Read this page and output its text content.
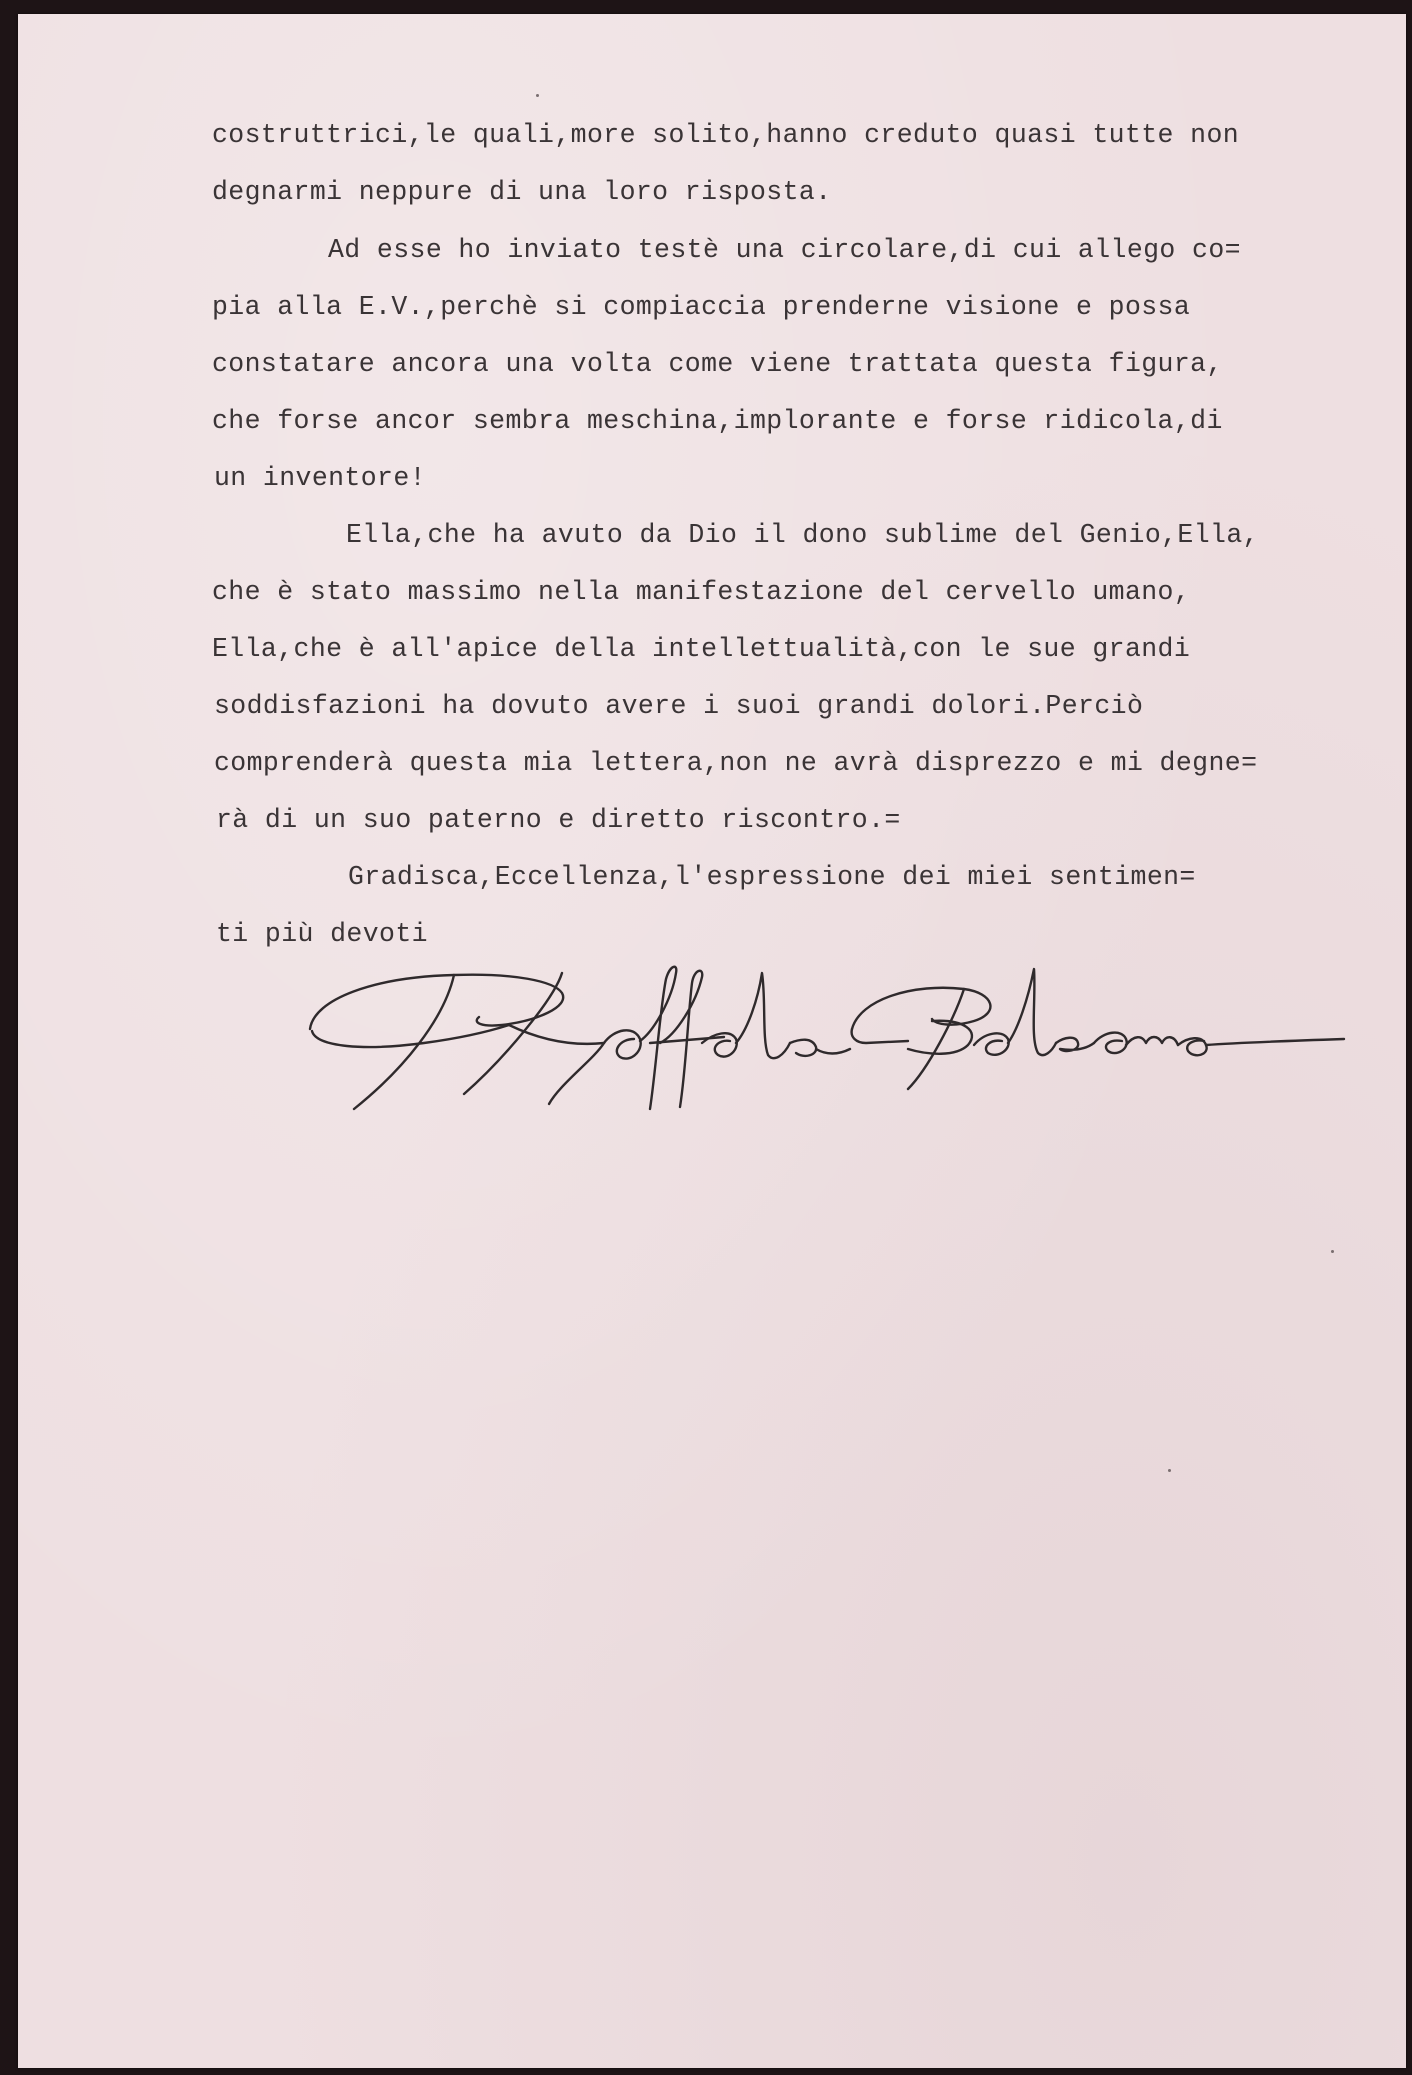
costruttrici,le quali,more solito,hanno creduto quasi tutte non
degnarmi neppure di una loro risposta.
Ad esse ho inviato testè una circolare,di cui allego co=
pia alla E.V.,perchè si compiaccia prenderne visione e possa
constatare ancora una volta come viene trattata questa figura,
che forse ancor sembra meschina,implorante e forse ridicola,di
un inventore!
Ella,che ha avuto da Dio il dono sublime del Genio,Ella,
che è stato massimo nella manifestazione del cervello umano,
Ella,che è all'apice della intellettualità,con le sue grandi
soddisfazioni ha dovuto avere i suoi grandi dolori.Perciò
comprenderà questa mia lettera,non ne avrà disprezzo e mi degne=
rà di un suo paterno e diretto riscontro.=
Gradisca,Eccellenza,l'espressione dei miei sentimen=
ti più devoti
